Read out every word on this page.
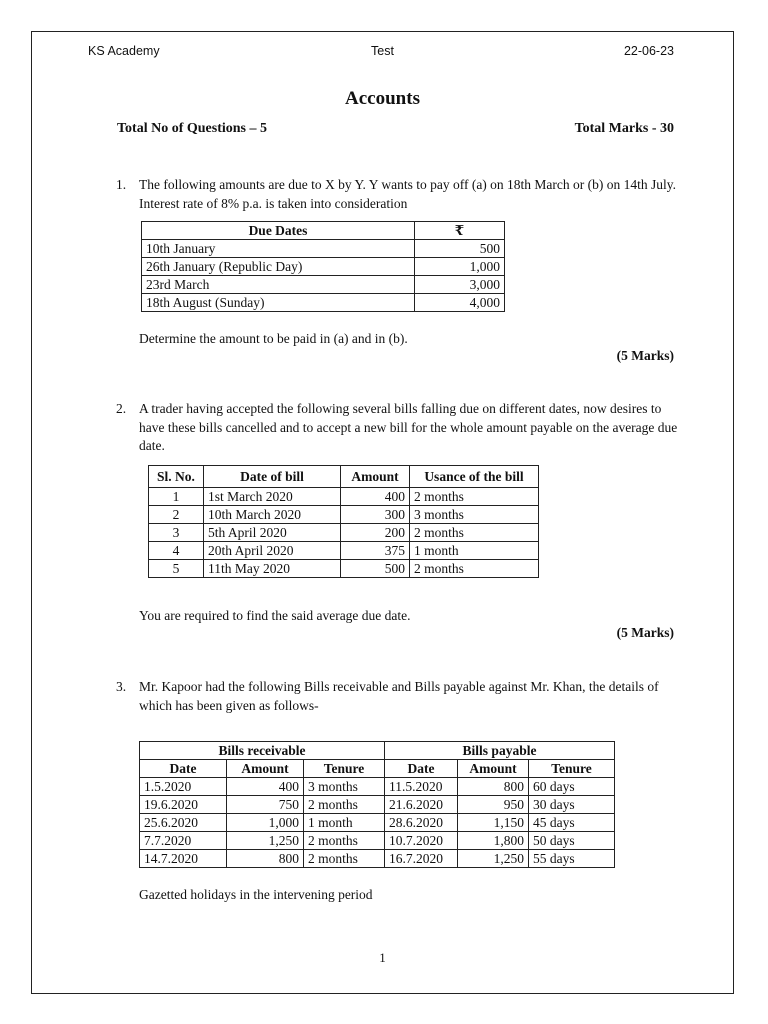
KS Academy	Test	22-06-23
Accounts
Total No of Questions – 5	Total Marks - 30
1. The following amounts are due to X by Y. Y wants to pay off (a) on 18th March or (b) on 14th July. Interest rate of 8% p.a. is taken into consideration
Due Dates	₹
10th January	500
26th January (Republic Day)	1,000
23rd March	3,000
18th August (Sunday)	4,000
Determine the amount to be paid in (a) and in (b).
(5 Marks)
2. A trader having accepted the following several bills falling due on different dates, now desires to have these bills cancelled and to accept a new bill for the whole amount payable on the average due date.
Sl. No.	Date of bill	Amount	Usance of the bill
1	1st March 2020	400	2 months
2	10th March 2020	300	3 months
3	5th April 2020	200	2 months
4	20th April 2020	375	1 month
5	11th May 2020	500	2 months
You are required to find the said average due date.
(5 Marks)
3. Mr. Kapoor had the following Bills receivable and Bills payable against Mr. Khan, the details of which has been given as follows-
Bills receivable			Bills payable		
Date	Amount	Tenure	Date	Amount	Tenure
1.5.2020	400	3 months	11.5.2020	800	60 days
19.6.2020	750	2 months	21.6.2020	950	30 days
25.6.2020	1,000	1 month	28.6.2020	1,150	45 days
7.7.2020	1,250	2 months	10.7.2020	1,800	50 days
14.7.2020	800	2 months	16.7.2020	1,250	55 days
Gazetted holidays in the intervening period
1
